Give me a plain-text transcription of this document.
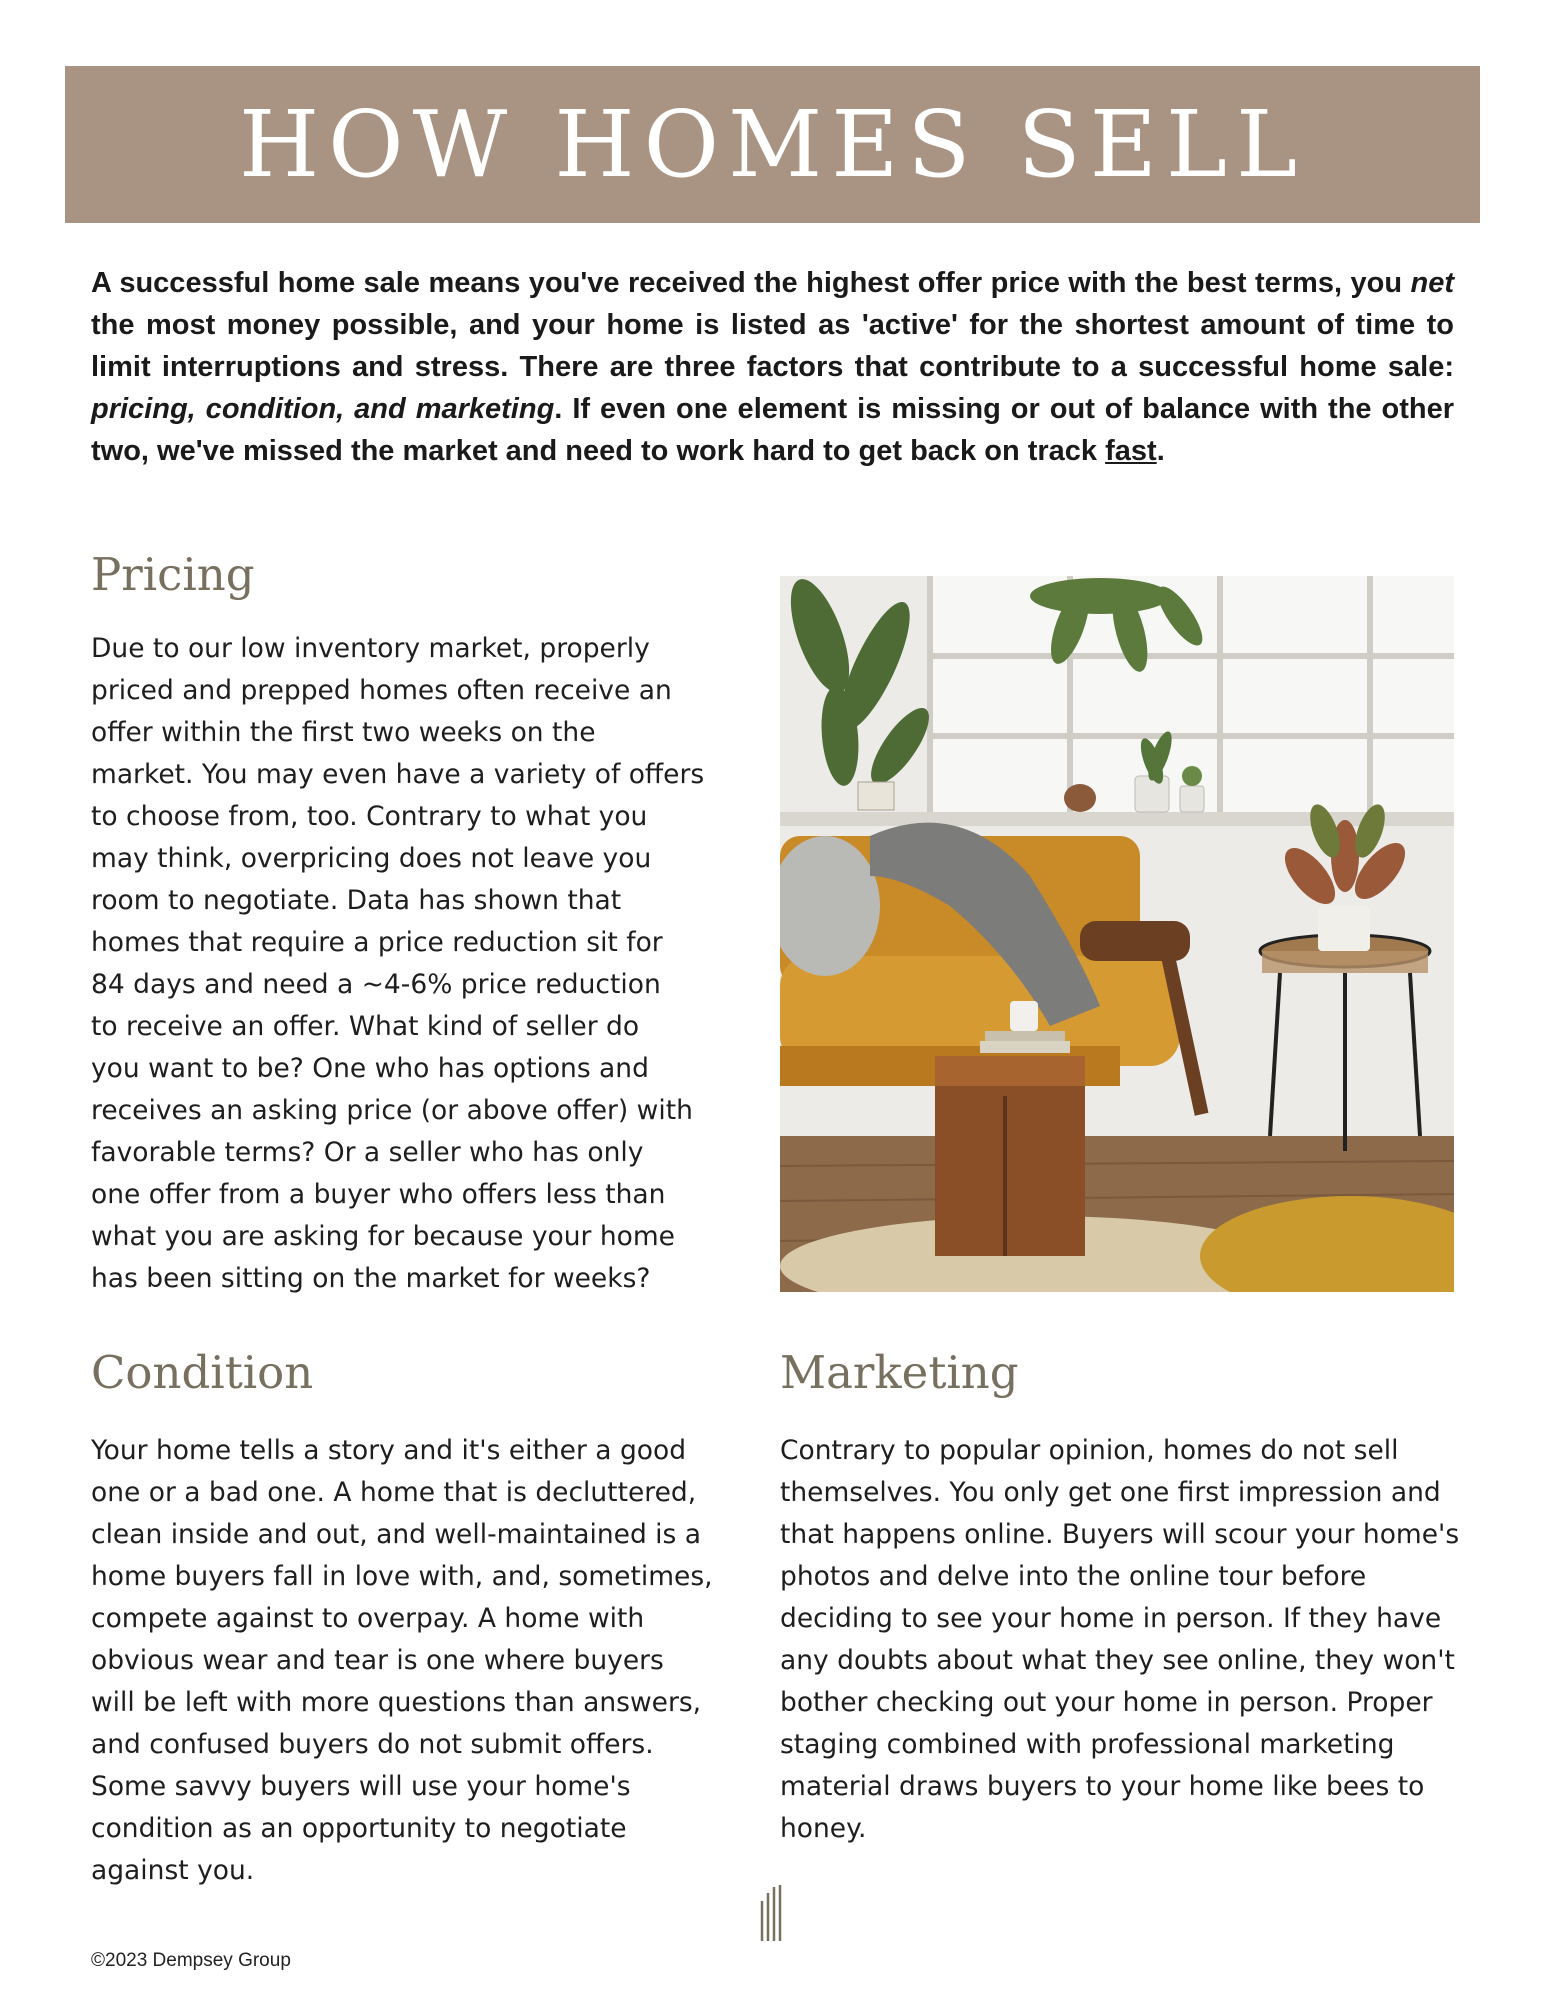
HOW HOMES SELL

A successful home sale means you've received the highest offer price with the best terms, you net the most money possible, and your home is listed as 'active' for the shortest amount of time to limit interruptions and stress. There are three factors that contribute to a successful home sale: pricing, condition, and marketing. If even one element is missing or out of balance with the other two, we've missed the market and need to work hard to get back on track fast.

Pricing
Due to our low inventory market, properly
priced and prepped homes often receive an
offer within the first two weeks on the
market. You may even have a variety of offers
to choose from, too. Contrary to what you
may think, overpricing does not leave you
room to negotiate. Data has shown that
homes that require a price reduction sit for
84 days and need a ~4-6% price reduction
to receive an offer. What kind of seller do
you want to be? One who has options and
receives an asking price (or above offer) with
favorable terms? Or a seller who has only
one offer from a buyer who offers less than
what you are asking for because your home
has been sitting on the market for weeks?
Condition
Your home tells a story and it's either a good
one or a bad one. A home that is decluttered,
clean inside and out, and well-maintained is a
home buyers fall in love with, and, sometimes,
compete against to overpay. A home with
obvious wear and tear is one where buyers
will be left with more questions than answers,
and confused buyers do not submit offers.
Some savvy buyers will use your home's
condition as an opportunity to negotiate
against you.
Marketing
Contrary to popular opinion, homes do not sell
themselves. You only get one first impression and
that happens online. Buyers will scour your home's
photos and delve into the online tour before
deciding to see your home in person. If they have
any doubts about what they see online, they won't
bother checking out your home in person. Proper
staging combined with professional marketing
material draws buyers to your home like bees to
honey.

©2023 Dempsey Group
